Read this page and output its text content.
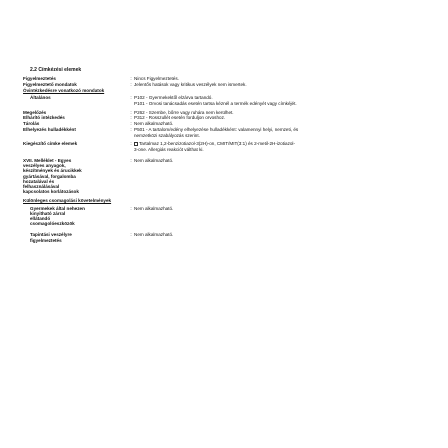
2.2 Címkézési elemek
Figyelmeztetés	: Nincs Figyelmeztetés.
Figyelmeztető mondatok	: Jelentős hatások vagy kritikus veszélyek nem ismertek.
Óvintézkedésre vonatkozó mondatok
Általános	: P102 - Gyermekektől elzárva tartandó.
P101 - Orvosi tanácsadás esetén tartsa kéznél a termék edényét vagy címkéjét.
Megelőzés	: P262 - Szembe, bőrre vagy ruhára nem kerülhet.
Elhárító intézkedés	: P312 - Rosszullét esetén forduljon orvoshoz.
Tárolás	: Nem alkalmazható.
Elhelyezés hulladékként	: P501 - A tartalom/edény elhelyezése hulladékként: valamennyi helyi, nemzeti, és
nemzetközi szabályozás szerint.
Kiegészítő címke elemek	:	Tartalmaz 1,2-benzizotiazol-3(2H)-on, CMIT/MIT(3:1) és 2-metil-2H-izotiazol-
3-one. Allergiás reakciót válthat ki.
XVII. Melléklet - Egyes
veszélyes anyagok,
készítmények és árucikkek
gyártásával, forgalomba
hozatalával és
felhasználásával
kapcsolatos korlátozások
: Nem alkalmazható.
Különleges csomagolási követelmények
Gyermekek által nehezen
kinyitható zárral
ellátandó
csomagolóeszközök
: Nem alkalmazható.
Tapintási veszélyre
figyelmeztetés
: Nem alkalmazható.
